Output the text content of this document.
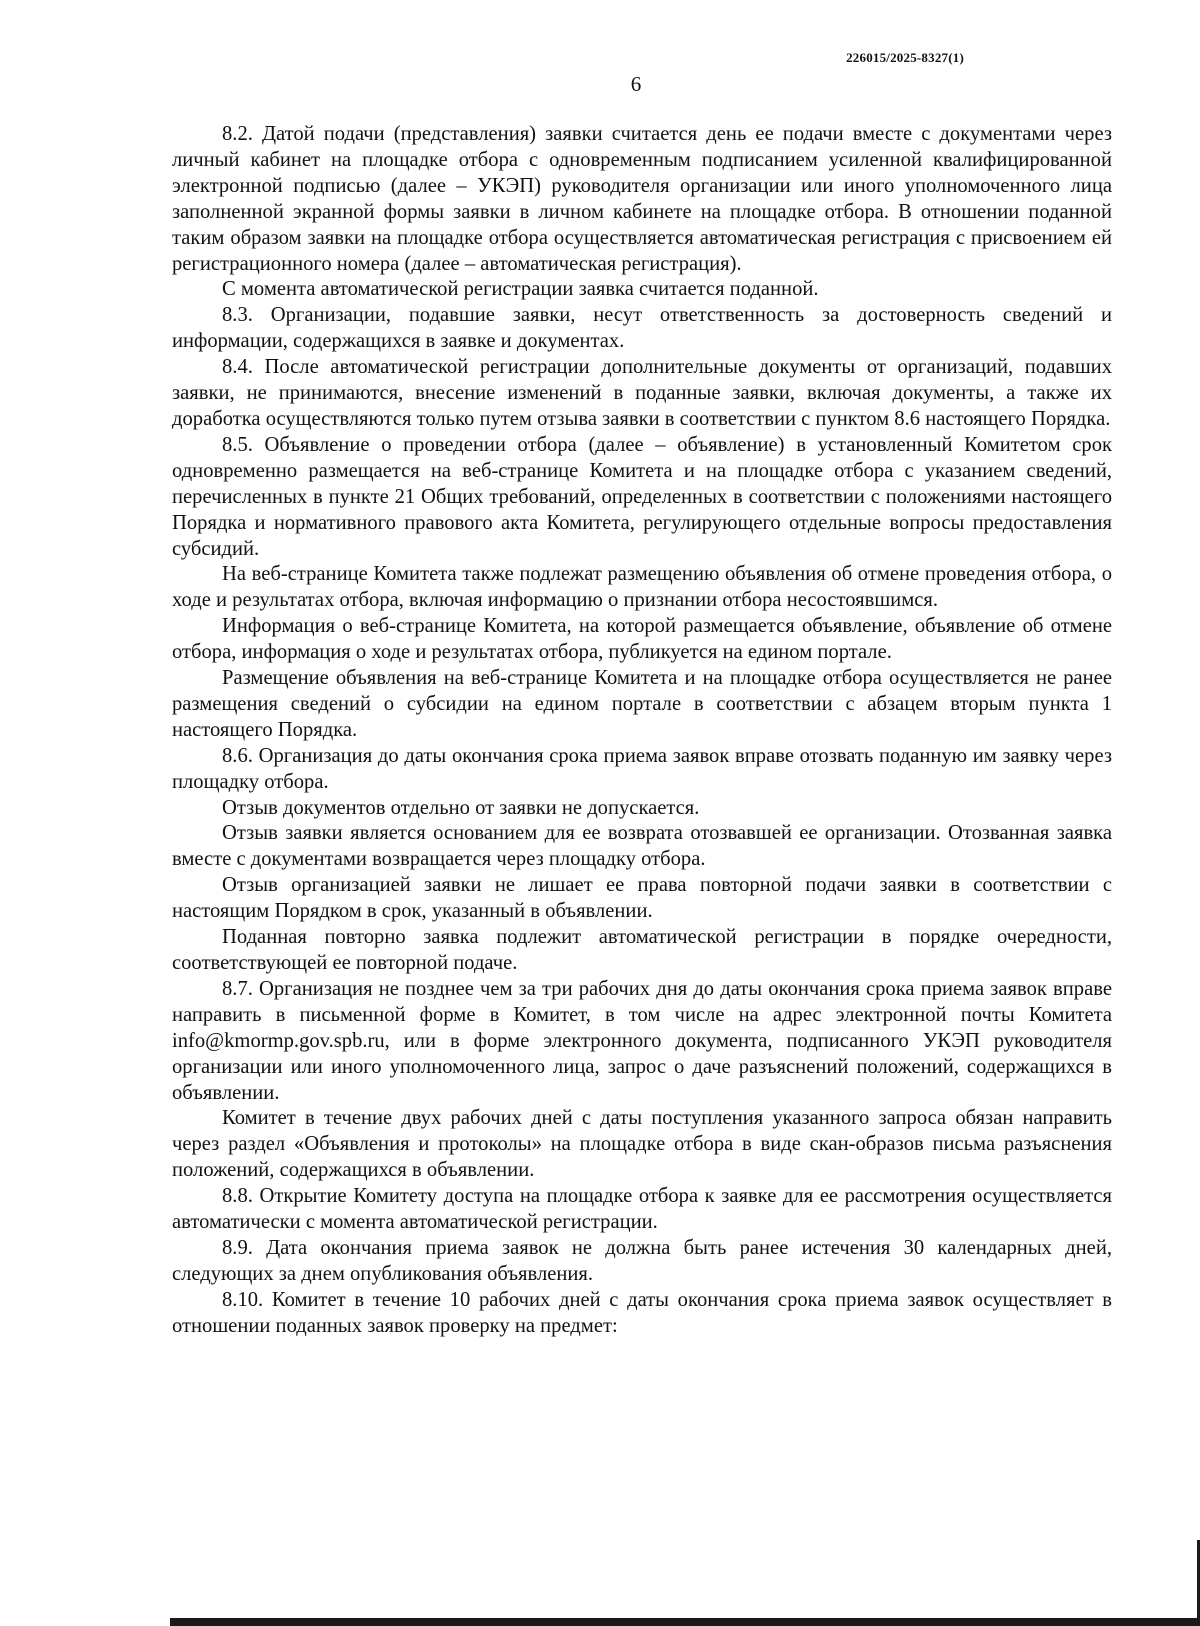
226015/2025-8327(1)
6

8.2. Датой подачи (представления) заявки считается день ее подачи вместе с документами через личный кабинет на площадке отбора с одновременным подписанием усиленной квалифицированной электронной подписью (далее – УКЭП) руководителя организации или иного уполномоченного лица заполненной экранной формы заявки в личном кабинете на площадке отбора. В отношении поданной таким образом заявки на площадке отбора осуществляется автоматическая регистрация с присвоением ей регистрационного номера (далее – автоматическая регистрация).

С момента автоматической регистрации заявка считается поданной.

8.3. Организации, подавшие заявки, несут ответственность за достоверность сведений и информации, содержащихся в заявке и документах.

8.4. После автоматической регистрации дополнительные документы от организаций, подавших заявки, не принимаются, внесение изменений в поданные заявки, включая документы, а также их доработка осуществляются только путем отзыва заявки в соответствии с пунктом 8.6 настоящего Порядка.

8.5. Объявление о проведении отбора (далее – объявление) в установленный Комитетом срок одновременно размещается на веб-странице Комитета и на площадке отбора с указанием сведений, перечисленных в пункте 21 Общих требований, определенных в соответствии с положениями настоящего Порядка и нормативного правового акта Комитета, регулирующего отдельные вопросы предоставления субсидий.

На веб-странице Комитета также подлежат размещению объявления об отмене проведения отбора, о ходе и результатах отбора, включая информацию о признании отбора несостоявшимся.

Информация о веб-странице Комитета, на которой размещается объявление, объявление об отмене отбора, информация о ходе и результатах отбора, публикуется на едином портале.

Размещение объявления на веб-странице Комитета и на площадке отбора осуществляется не ранее размещения сведений о субсидии на едином портале в соответствии с абзацем вторым пункта 1 настоящего Порядка.

8.6. Организация до даты окончания срока приема заявок вправе отозвать поданную им заявку через площадку отбора.

Отзыв документов отдельно от заявки не допускается.

Отзыв заявки является основанием для ее возврата отозвавшей ее организации. Отозванная заявка вместе с документами возвращается через площадку отбора.

Отзыв организацией заявки не лишает ее права повторной подачи заявки в соответствии с настоящим Порядком в срок, указанный в объявлении.

Поданная повторно заявка подлежит автоматической регистрации в порядке очередности, соответствующей ее повторной подаче.

8.7. Организация не позднее чем за три рабочих дня до даты окончания срока приема заявок вправе направить в письменной форме в Комитет, в том числе на адрес электронной почты Комитета info@kmormp.gov.spb.ru, или в форме электронного документа, подписанного УКЭП руководителя организации или иного уполномоченного лица, запрос о даче разъяснений положений, содержащихся в объявлении.

Комитет в течение двух рабочих дней с даты поступления указанного запроса обязан направить через раздел «Объявления и протоколы» на площадке отбора в виде скан-образов письма разъяснения положений, содержащихся в объявлении.

8.8. Открытие Комитету доступа на площадке отбора к заявке для ее рассмотрения осуществляется автоматически с момента автоматической регистрации.

8.9. Дата окончания приема заявок не должна быть ранее истечения 30 календарных дней, следующих за днем опубликования объявления.

8.10. Комитет в течение 10 рабочих дней с даты окончания срока приема заявок осуществляет в отношении поданных заявок проверку на предмет:
